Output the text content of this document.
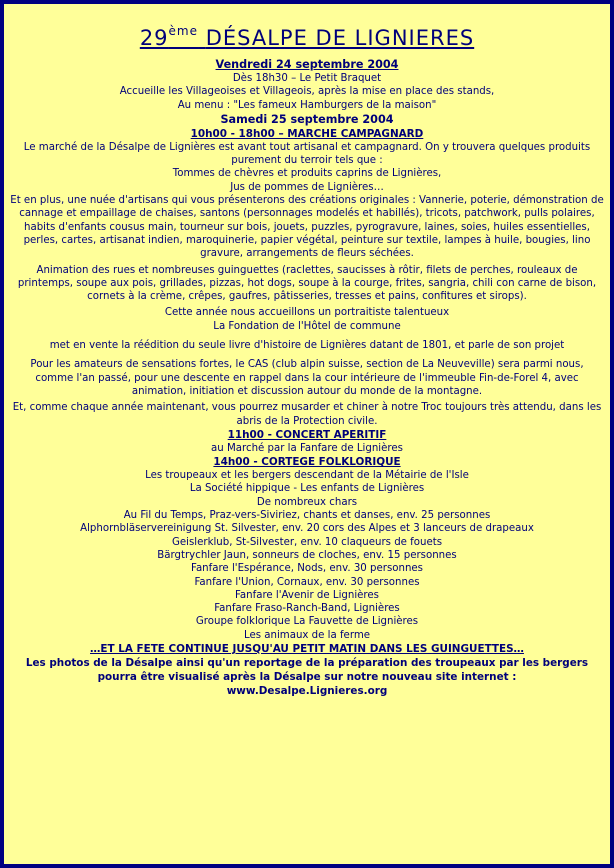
29ème DÉSALPE DE LIGNIERES

Vendredi 24 septembre 2004

Dès 18h30 – Le Petit Braquet

Accueille les Villageoises et Villageois, après la mise en place des stands,

Au menu : "Les fameux Hamburgers de la maison"

Samedi 25 septembre 2004

10h00 - 18h00 – MARCHE CAMPAGNARD

Le marché de la Désalpe de Lignières est avant tout artisanal et campagnard. On y trouvera quelques produits purement du terroir tels que :

Tommes de chèvres et produits caprins de Lignières,

Jus de pommes de Lignières…

Et en plus, une nuée d'artisans qui vous présenterons des créations originales : Vannerie, poterie, démonstration de cannage et empaillage de chaises, santons (personnages modelés et habillés), tricots, patchwork, pulls polaires, habits d'enfants cousus main, tourneur sur bois, jouets, puzzles, pyrogravure, laines, soies, huiles essentielles, perles, cartes, artisanat indien, maroquinerie, papier végétal, peinture sur textile, lampes à huile, bougies, lino gravure, arrangements de fleurs séchées.

Animation des rues et nombreuses guinguettes (raclettes, saucisses à rôtir, filets de perches, rouleaux de printemps, soupe aux pois, grillades, pizzas, hot dogs, soupe à la courge, frites, sangria, chili con carne de bison, cornets à la crème, crêpes, gaufres, pâtisseries, tresses et pains, confitures et sirops).

Cette année nous accueillons un portraitiste talentueux

La Fondation de l'Hôtel de commune

met en vente la réédition du seule livre d'histoire de Lignières datant de 1801, et parle de son projet

Pour les amateurs de sensations fortes, le CAS (club alpin suisse, section de La Neuveville) sera parmi nous, comme l'an passé, pour une descente en rappel dans la cour intérieure de l'immeuble Fin-de-Forel 4, avec animation, initiation et discussion autour du monde de la montagne.

Et, comme chaque année maintenant, vous pourrez musarder et chiner à notre Troc toujours très attendu, dans les abris de la Protection civile.

11h00 - CONCERT APERITIF

au Marché par la Fanfare de Lignières

14h00 - CORTEGE FOLKLORIQUE

Les troupeaux et les bergers descendant de la Métairie de l'Isle

La Société hippique - Les enfants de Lignières

De nombreux chars

Au Fil du Temps, Praz-vers-Siviriez, chants et danses, env. 25 personnes

Alphornbläservereinigung St. Silvester, env. 20 cors des Alpes et 3 lanceurs de drapeaux

Geislerklub, St-Silvester, env. 10 claqueurs de fouets

Bärgtrychler Jaun, sonneurs de cloches, env. 15 personnes

Fanfare l'Espérance, Nods, env. 30 personnes

Fanfare l'Union, Cornaux, env. 30 personnes

Fanfare l'Avenir de Lignières

Fanfare Fraso-Ranch-Band, Lignières

Groupe folklorique La Fauvette de Lignières

Les animaux de la ferme

…ET LA FETE CONTINUE JUSQU'AU PETIT MATIN DANS LES GUINGUETTES…

Les photos de la Désalpe ainsi qu'un reportage de la préparation des troupeaux par les bergers pourra être visualisé après la Désalpe sur notre nouveau site internet :

www.Desalpe.Lignieres.org
